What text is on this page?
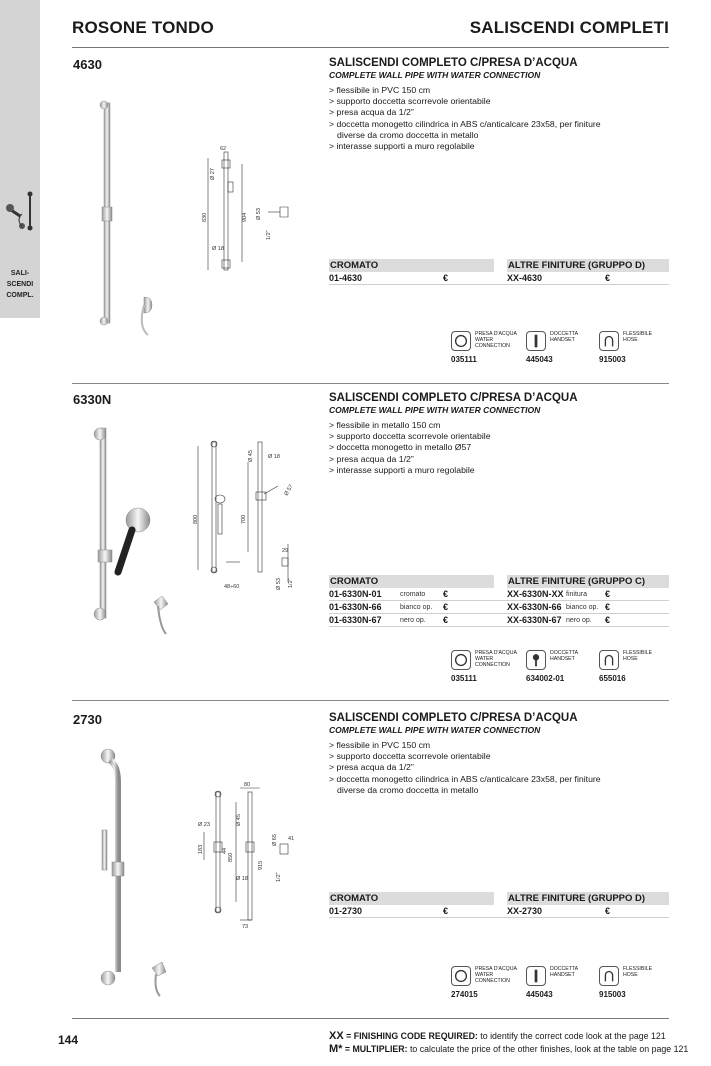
SALI-
SCENDI
COMPL.
ROSONE TONDO	SALISCENDI COMPLETI
4630
62
Ø 27
830	904 Ø 53
1/2"
Ø 18
SALISCENDI COMPLETO C/PRESA D’ACQUA
COMPLETE WALL PIPE WITH WATER CONNECTION
> flessibile in PVC 150 cm
> supporto doccetta scorrevole orientabile
> presa acqua da 1/2”
> doccetta monogetto cilindrica in ABS c/anticalcare 23x58, per finiture
diverse da cromo doccetta in metallo
> interasse supporti a muro regolabile
CROMATO	ALTRE FINITURE (GRUPPO D)
01-4630	€	XX-4630	€
PRESA D'ACQUA
WATER
CONNECTION
035111
DOCCETTA
HANDSET
445043
FLESSIBILE
HOSE
915003
6330N
Ø 45	Ø 18
Ø 57
800	700
29
Ø 53 1/2"
48÷60
SALISCENDI COMPLETO C/PRESA D’ACQUA
COMPLETE WALL PIPE WITH WATER CONNECTION
> flessibile in metallo 150 cm
> supporto doccetta scorrevole orientabile
> doccetta monogetto in metallo Ø57
> presa acqua da 1/2”
> interasse supporti a muro regolabile
CROMATO	ALTRE FINITURE (GRUPPO C)
01-6330N-01	cromato €	XX-6330N-XX finitura €
01-6330N-66	bianco op. €	XX-6330N-66 bianco op. €
01-6330N-67	nero op. €	XX-6330N-67 nero op. €
PRESA D'ACQUA
WATER
CONNECTION
035111
DOCCETTA
HANDSET
634002-01
FLESSIBILE
HOSE
655016
2730
80
Ø 23	Ø 45
183
Ø 65
850
915
41
1/2"
Ø 18
73
44
SALISCENDI COMPLETO C/PRESA D’ACQUA
COMPLETE WALL PIPE WITH WATER CONNECTION
> flessibile in PVC 150 cm
> supporto doccetta scorrevole orientabile
> presa acqua da 1/2”
> doccetta monogetto cilindrica in ABS c/anticalcare 23x58, per finiture
diverse da cromo doccetta in metallo
CROMATO	ALTRE FINITURE (GRUPPO D)
01-2730	€	XX-2730	€
PRESA D'ACQUA
WATER
CONNECTION
274015
DOCCETTA
HANDSET
445043
FLESSIBILE
HOSE
915003
144	XX = FINISHING CODE REQUIRED: to identify the correct code look at the page 121
M* = MULTIPLIER: to calculate the price of the other finishes, look at the table on page 121
